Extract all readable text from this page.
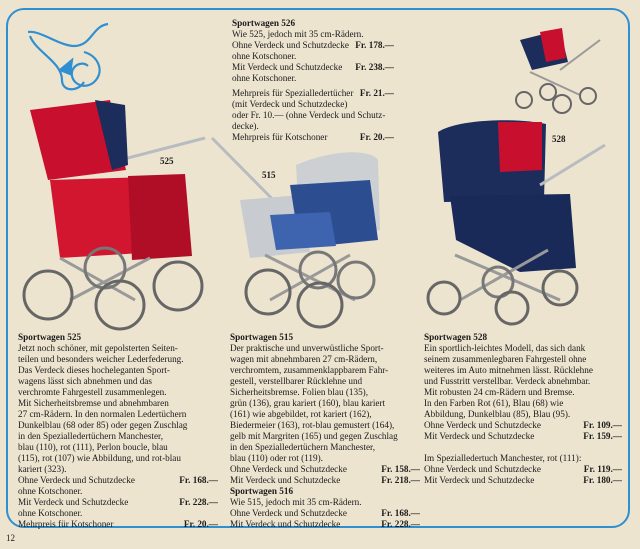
525
515
528
Sportwagen 526
Wie 525, jedoch mit 35 cm-Rädern.
Ohne Verdeck und Schutzdecke Fr. 178.—
ohne Kotschoner.
Mit Verdeck und Schutzdecke Fr. 238.—
ohne Kotschoner.
Mehrpreis für Spezialledertücher Fr. 21.—
(mit Verdeck und Schutzdecke)
oder Fr. 10.— (ohne Verdeck und Schutz-
decke).
Mehrpreis für Kotschoner	Fr. 20.—
Sportwagen 525
Jetzt noch schöner, mit gepolsterten Seiten-
teilen und besonders weicher Lederfederung.
Das Verdeck dieses hocheleganten Sport-
wagens lässt sich abnehmen und das
verchromte Fahrgestell zusammenlegen.
Mit Sicherheitsbremse und abnehmbaren
27 cm-Rädern. In den normalen Ledertüchern
Dunkelblau (68 oder 85) oder gegen Zuschlag
in den Spezialledertüchern Manchester,
blau (110), rot (111), Perlon boucle, blau
(115), rot (107) wie Abbildung, und rot-blau
kariert (323).
Ohne Verdeck und Schutzdecke	Fr. 168.—
ohne Kotschoner.
Mit Verdeck und Schutzdecke	Fr. 228.—
ohne Kotschoner.
Mehrpreis für Kotschoner	Fr. 20.—
Sportwagen 515
Der praktische und unverwüstliche Sport-
wagen mit abnehmbaren 27 cm-Rädern,
verchromtem, zusammenklappbarem Fahr-
gestell, verstellbarer Rücklehne und
Sicherheitsbremse. Folien blau (135),
grün (136), grau kariert (160), blau kariert
(161) wie abgebildet, rot kariert (162),
Biedermeier (163), rot-blau gemustert (164),
gelb mit Margriten (165) und gegen Zuschlag
in den Spezialledertüchern Manchester,
blau (110) oder rot (119).
Ohne Verdeck und Schutzdecke	Fr. 158.—
Mit Verdeck und Schutzdecke	Fr. 218.—
Sportwagen 516
Wie 515, jedoch mit 35 cm-Rädern.
Ohne Verdeck und Schutzdecke	Fr. 168.—
Mit Verdeck und Schutzdecke	Fr. 228.—
Sportwagen 528
Ein sportlich-leichtes Modell, das sich dank
seinem zusammenlegbaren Fahrgestell ohne
weiteres im Auto mitnehmen lässt. Rücklehne
und Fusstritt verstellbar. Verdeck abnehmbar.
Mit robusten 24 cm-Rädern und Bremse.
In den Farben Rot (61), Blau (68) wie
Abbildung, Dunkelblau (85), Blau (95).
Ohne Verdeck und Schutzdecke	Fr. 109.—
Mit Verdeck und Schutzdecke	Fr. 159.—
Im Spezialledertuch Manchester, rot (111):
Ohne Verdeck und Schutzdecke	Fr. 119.—
Mit Verdeck und Schutzdecke	Fr. 180.—
12
